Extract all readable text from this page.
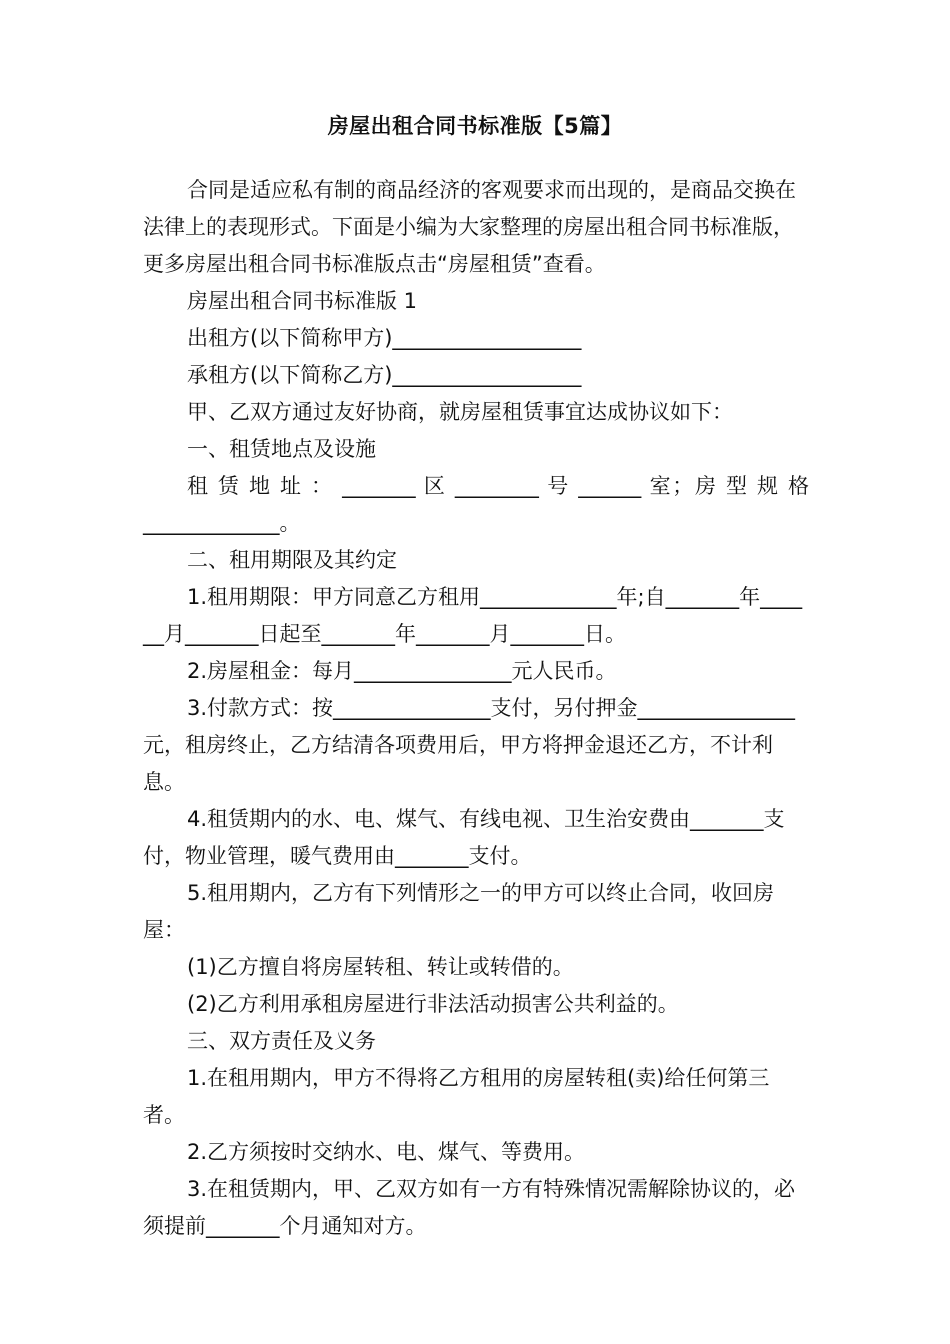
房屋出租合同书标准版【5篇】

合同是适应私有制的商品经济的客观要求而出现的，是商品交换在法律上的表现形式。下面是小编为大家整理的房屋出租合同书标准版，更多房屋出租合同书标准版点击“房屋租赁”查看。

房屋出租合同书标准版 1

出租方(以下简称甲方)__________________

承租方(以下简称乙方)__________________

甲、乙双方通过友好协商，就房屋租赁事宜达成协议如下：

一、租赁地点及设施

租 赁 地 址 ： _______ 区 ________ 号 ______ 室；房 型 规 格

_____________。

二、租用期限及其约定

1.租用期限：甲方同意乙方租用_____________年;自_______年______月_______日起至_______年_______月_______日。

2.房屋租金：每月_______________元人民币。

3.付款方式：按_______________支付，另付押金_______________元，租房终止，乙方结清各项费用后，甲方将押金退还乙方，不计利息。

4.租赁期内的水、电、煤气、有线电视、卫生治安费由_______支付，物业管理，暖气费用由_______支付。

5.租用期内，乙方有下列情形之一的甲方可以终止合同，收回房屋：

(1)乙方擅自将房屋转租、转让或转借的。

(2)乙方利用承租房屋进行非法活动损害公共利益的。

三、双方责任及义务

1.在租用期内，甲方不得将乙方租用的房屋转租(卖)给任何第三者。

2.乙方须按时交纳水、电、煤气、等费用。

3.在租赁期内，甲、乙双方如有一方有特殊情况需解除协议的，必须提前_______个月通知对方。
